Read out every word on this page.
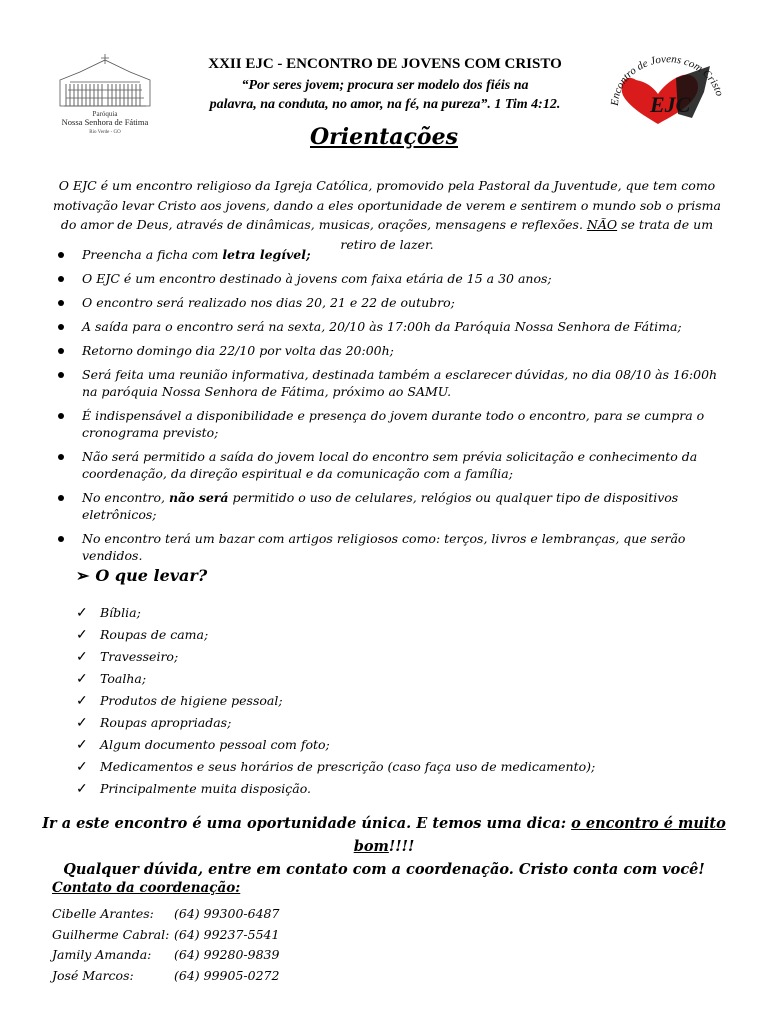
Paróquia
Nossa Senhora de Fátima
Rio Verde - GO
Encontro de Jovens com Cristo
EJC
XXII EJC - ENCONTRO DE JOVENS COM CRISTO
“Por seres jovem; procura ser modelo dos fiéis na
palavra, na conduta, no amor, na fé, na pureza”. 1 Tim 4:12.
Orientações
O EJC é um encontro religioso da Igreja Católica, promovido pela Pastoral da Juventude, que tem como motivação levar Cristo aos jovens, dando a eles oportunidade de verem e sentirem o mundo sob o prisma do amor de Deus, através de dinâmicas, musicas, orações, mensagens e reflexões. NÃO se trata de um retiro de lazer.
Preencha a ficha com letra legível;
O EJC é um encontro destinado à jovens com faixa etária de 15 a 30 anos;
O encontro será realizado nos dias 20, 21 e 22 de outubro;
A saída para o encontro será na sexta, 20/10 às 17:00h da Paróquia Nossa Senhora de Fátima;
Retorno domingo dia 22/10 por volta das 20:00h;
Será feita uma reunião informativa, destinada também a esclarecer dúvidas, no dia 08/10 às 16:00h na paróquia Nossa Senhora de Fátima, próximo ao SAMU.
É indispensável a disponibilidade e presença do jovem durante todo o encontro, para se cumpra o cronograma previsto;
Não será permitido a saída do jovem local do encontro sem prévia solicitação e conhecimento da coordenação, da direção espiritual e da comunicação com a família;
No encontro, não será permitido o uso de celulares, relógios ou qualquer tipo de dispositivos eletrônicos;
No encontro terá um bazar com artigos religiosos como: terços, livros e lembranças, que serão vendidos.
➢ O que levar?
✓ Bíblia;
✓ Roupas de cama;
✓ Travesseiro;
✓ Toalha;
✓ Produtos de higiene pessoal;
✓ Roupas apropriadas;
✓ Algum documento pessoal com foto;
✓ Medicamentos e seus horários de prescrição (caso faça uso de medicamento);
✓ Principalmente muita disposição.
Ir a este encontro é uma oportunidade única. E temos uma dica: o encontro é muito bom!!!!
Qualquer dúvida, entre em contato com a coordenação. Cristo conta com você!
Contato da coordenação:
Cibelle Arantes: (64) 99300-6487
Guilherme Cabral: (64) 99237-5541
Jamily Amanda: (64) 99280-9839
José Marcos:	(64) 99905-0272
